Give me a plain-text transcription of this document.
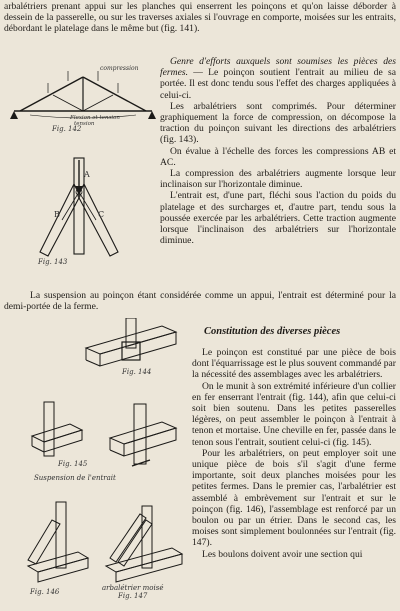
arbalétriers prenant appui sur les planches qui enserrent les poinçons et qu'on laisse déborder à dessein de la passerelle, ou sur les traverses axiales si l'ouvrage en comporte, moisées sur les entraits, débordant le platelage dans le même but (fig. 141).

compression
Flexion et tension
tension
Fig. 142
A
B	C
Fig. 143

Genre d'efforts auxquels sont soumises les pièces des fermes. — Le poinçon soutient l'entrait au milieu de sa portée. Il est donc tendu sous l'effet des charges appliquées à celui-ci.

Les arbalétriers sont comprimés. Pour déterminer graphiquement la force de compression, on décompose la traction du poinçon suivant les directions des arbalétriers (fig. 143).

On évalue à l'échelle des forces les compressions AB et AC.

La compression des arbalétriers augmente lorsque leur inclinaison sur l'horizontale diminue.

L'entrait est, d'une part, fléchi sous l'action du poids du platelage et des surcharges et, d'autre part, tendu sous la poussée exercée par les arbalétriers. Cette traction augmente lorsque l'inclinaison des arbalétriers sur l'horizontale diminue.

La suspension au poinçon étant considérée comme un appui, l'entrait est déterminé pour la demi-portée de la ferme.

Constitution des diverses pièces

Le poinçon est constitué par une pièce de bois dont l'équarrissage est le plus souvent commandé par la nécessité des assemblages avec les arbalétriers.

On le munit à son extrémité inférieure d'un collier en fer enserrant l'entrait (fig. 144), afin que celui-ci soit bien soutenu. Dans les petites passerelles légères, on peut assembler le poinçon à l'entrait à tenon et mortaise. Une cheville en fer, passée dans le tenon sous l'entrait, soutient celui-ci (fig. 145).

Pour les arbalétriers, on peut employer soit une unique pièce de bois s'il s'agit d'une ferme importante, soit deux planches moisées pour les petites fermes. Dans le premier cas, l'arbalétrier est assemblé à embrèvement sur l'entrait et sur le poinçon (fig. 146), l'assemblage est renforcé par un boulon ou par un étrier. Dans le second cas, les moises sont simplement boulonnées sur l'entrait (fig. 147).

Les boulons doivent avoir une section qui

Fig. 144
Fig. 145
Suspension de l'entrait
Fig. 146	arbalétrier moisé
Fig. 147
